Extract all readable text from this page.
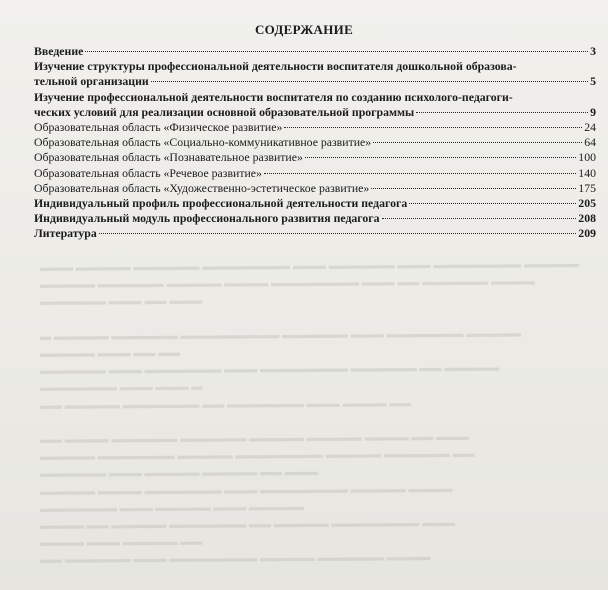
СОДЕРЖАНИЕ
Введение	3
Изучение структуры профессиональной деятельности воспитателя дошкольной образова-
тельной организации	5
Изучение профессиональной деятельности воспитателя по созданию психолого-педагоги-
ческих условий для реализации основной образовательной программы	9
Образовательная область «Физическое развитие»	24
Образовательная область «Социально-коммуникативное развитие»	64
Образовательная область «Познавательное развитие»	100
Образовательная область «Речевое развитие»	140
Образовательная область «Художественно-эстетическое развитие»	175
Индивидуальный профиль профессиональной деятельности педагога	205
Индивидуальный модуль профессионального развития педагога	208
Литература	209
▬▬▬ ▬▬▬▬▬ ▬▬▬▬▬▬ ▬▬▬▬▬▬▬▬ ▬▬▬ ▬▬▬▬▬▬ ▬▬▬ ▬▬▬▬▬▬▬▬ ▬▬▬▬▬
▬▬▬▬▬ ▬▬▬▬▬▬ ▬▬▬▬▬ ▬▬▬▬ ▬▬▬▬▬▬▬▬ ▬▬▬ ▬▬ ▬▬▬▬▬▬ ▬▬▬▬
▬▬▬▬▬▬ ▬▬▬ ▬▬ ▬▬▬

▬ ▬▬▬▬▬ ▬▬▬▬▬▬ ▬▬▬▬▬▬▬▬▬ ▬▬▬▬▬▬ ▬▬▬ ▬▬▬▬▬▬▬ ▬▬▬▬▬
▬▬▬▬▬ ▬▬▬ ▬▬ ▬▬
▬▬▬▬▬▬ ▬▬▬ ▬▬▬▬▬▬▬ ▬▬▬ ▬▬▬▬▬▬▬▬ ▬▬▬▬▬▬ ▬▬ ▬▬▬▬▬
▬▬▬▬▬▬▬ ▬▬▬ ▬▬▬ ▬
▬▬ ▬▬▬▬▬ ▬▬▬▬▬▬▬ ▬▬ ▬▬▬▬▬▬▬ ▬▬▬ ▬▬▬▬ ▬▬

▬▬ ▬▬▬▬ ▬▬▬▬▬▬ ▬▬▬▬▬▬ ▬▬▬▬▬ ▬▬▬▬▬ ▬▬▬▬ ▬▬ ▬▬▬
▬▬▬▬▬ ▬▬▬▬▬▬▬ ▬▬▬▬▬ ▬▬▬▬▬▬▬▬ ▬▬▬▬▬ ▬▬▬▬▬▬ ▬▬
▬▬▬▬▬▬ ▬▬▬ ▬▬▬▬▬ ▬▬▬▬▬ ▬▬ ▬▬▬
▬▬▬▬▬ ▬▬▬▬ ▬▬▬▬▬▬▬ ▬▬▬ ▬▬▬▬▬▬▬▬ ▬▬▬▬▬ ▬▬▬▬
▬▬▬▬▬▬▬ ▬▬▬ ▬▬▬▬▬ ▬▬▬ ▬▬▬▬▬
▬▬▬▬ ▬▬ ▬▬▬▬▬ ▬▬▬▬▬▬▬ ▬▬ ▬▬▬▬▬ ▬▬▬▬▬▬▬▬ ▬▬▬
▬▬▬▬ ▬▬▬ ▬▬▬▬▬ ▬▬
▬▬ ▬▬▬▬▬▬ ▬▬▬ ▬▬▬▬▬▬▬▬ ▬▬▬▬▬ ▬▬▬▬▬▬ ▬▬▬▬
